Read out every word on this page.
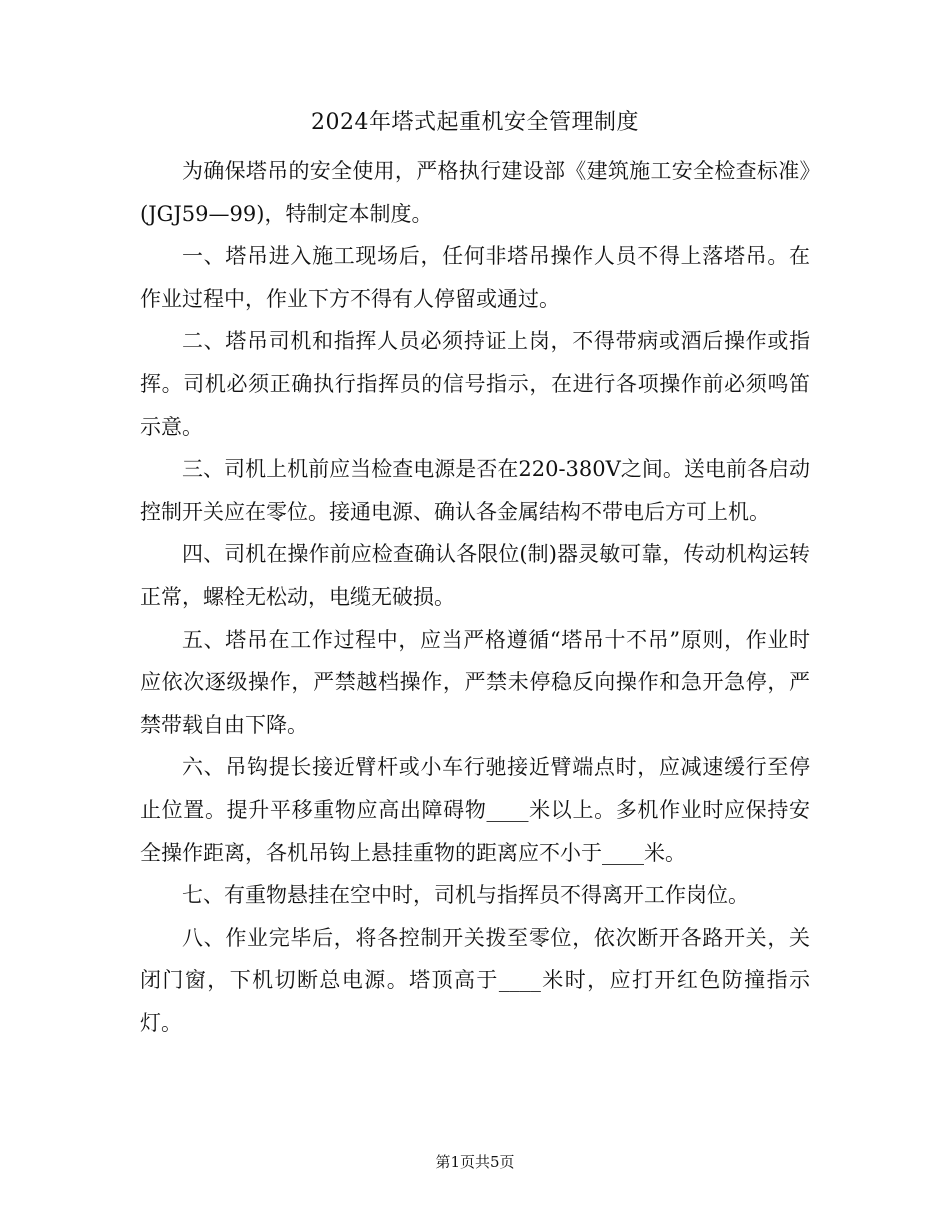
2024年塔式起重机安全管理制度

为确保塔吊的安全使用，严格执行建设部《建筑施工安全检查标准》(JGJ59—99)，特制定本制度。

一、塔吊进入施工现场后，任何非塔吊操作人员不得上落塔吊。在作业过程中，作业下方不得有人停留或通过。

二、塔吊司机和指挥人员必须持证上岗，不得带病或酒后操作或指挥。司机必须正确执行指挥员的信号指示，在进行各项操作前必须鸣笛示意。

三、司机上机前应当检查电源是否在220-380V之间。送电前各启动控制开关应在零位。接通电源、确认各金属结构不带电后方可上机。

四、司机在操作前应检查确认各限位(制)器灵敏可靠，传动机构运转正常，螺栓无松动，电缆无破损。

五、塔吊在工作过程中，应当严格遵循“塔吊十不吊”原则，作业时应依次逐级操作，严禁越档操作，严禁未停稳反向操作和急开急停，严禁带载自由下降。

六、吊钩提长接近臂杆或小车行驰接近臂端点时，应减速缓行至停止位置。提升平移重物应高出障碍物____米以上。多机作业时应保持安全操作距离，各机吊钩上悬挂重物的距离应不小于____米。

七、有重物悬挂在空中时，司机与指挥员不得离开工作岗位。

八、作业完毕后，将各控制开关拨至零位，依次断开各路开关，关闭门窗，下机切断总电源。塔顶高于____米时，应打开红色防撞指示灯。

第1页共5页
